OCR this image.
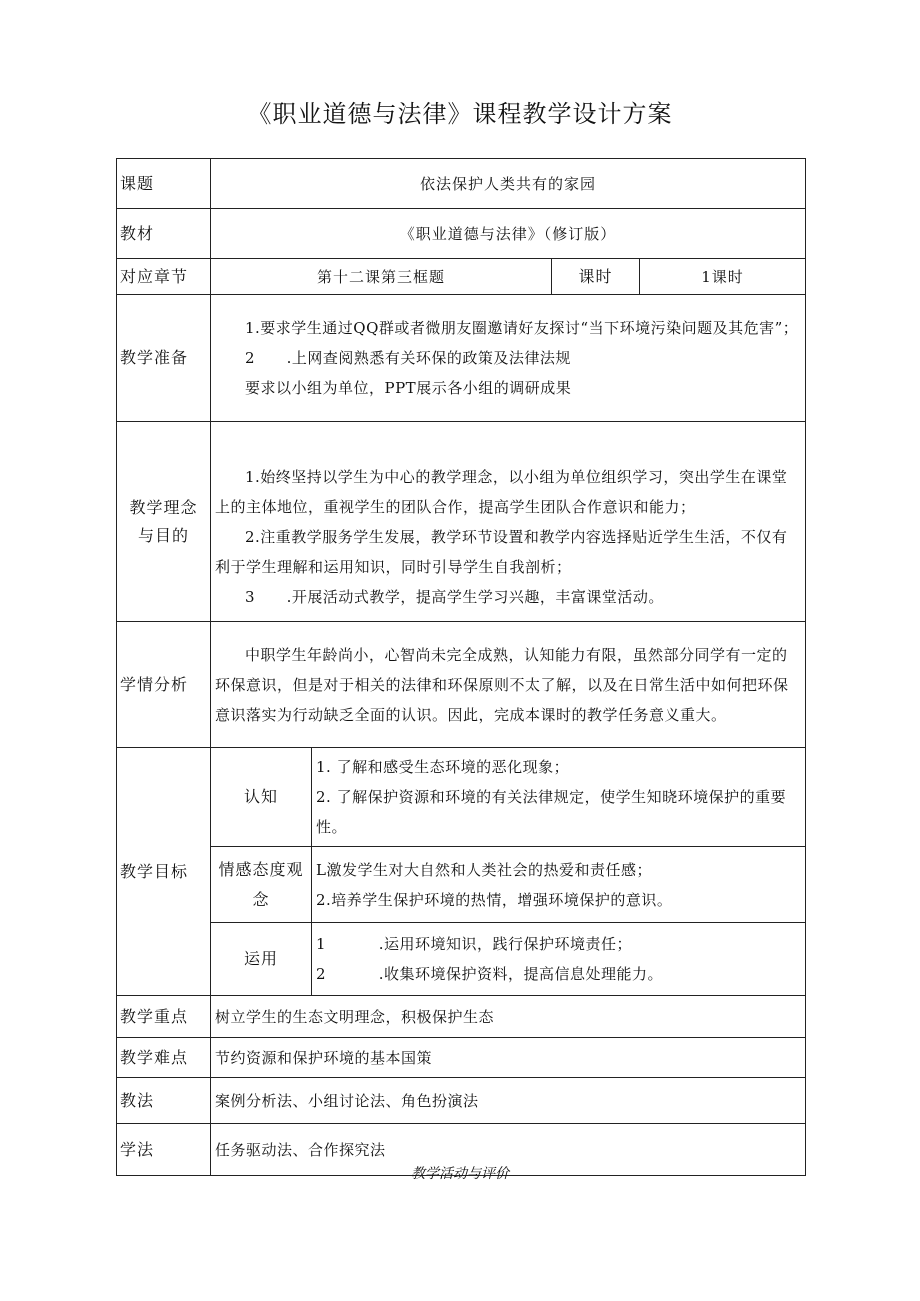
《职业道德与法律》课程教学设计方案
课题	依法保护人类共有的家园			
教材	《职业道德与法律》（修订版）			
对应章节	第十二课第三框题		课时	1课时
教学准备	1.要求学生通过QQ群或者微朋友圈邀请好友探讨“当下环境污染问题及其危害”；
2      .上网查阅熟悉有关环保的政策及法律法规
要求以小组为单位，PPT展示各小组的调研成果			

教学理念
与目的	1.始终坚持以学生为中心的教学理念，以小组为单位组织学习，突出学生在课堂上的主体地位，重视学生的团队合作，提高学生团队合作意识和能力；
2.注重教学服务学生发展，教学环节设置和教学内容选择贴近学生生活，不仅有利于学生理解和运用知识，同时引导学生自我剖析；
3      .开展活动式教学，提高学生学习兴趣，丰富课堂活动。			

学情分析	中职学生年龄尚小，心智尚未完全成熟，认知能力有限，虽然部分同学有一定的环保意识，但是对于相关的法律和环保原则不太了解，以及在日常生活中如何把环保意识落实为行动缺乏全面的认识。因此，完成本课时的教学任务意义重大。			
教学目标	认知	1. 了解和感受生态环境的恶化现象；
2. 了解保护资源和环境的有关法律规定，使学生知晓环境保护的重要性。		

	情感态度观
念	L激发学生对大自然和人类社会的热爱和责任感；
2.培养学生保护环境的热情，增强环境保护的意识。		

	运用	1          .运用环境知识，践行保护环境责任；
2          .收集环境保护资料，提高信息处理能力。		

教学重点	树立学生的生态文明理念，积极保护生态			
教学难点	节约资源和保护环境的基本国策			
教法	案例分析法、小组讨论法、角色扮演法			
学法	任务驱动法、合作探究法			
教学活动与评价
